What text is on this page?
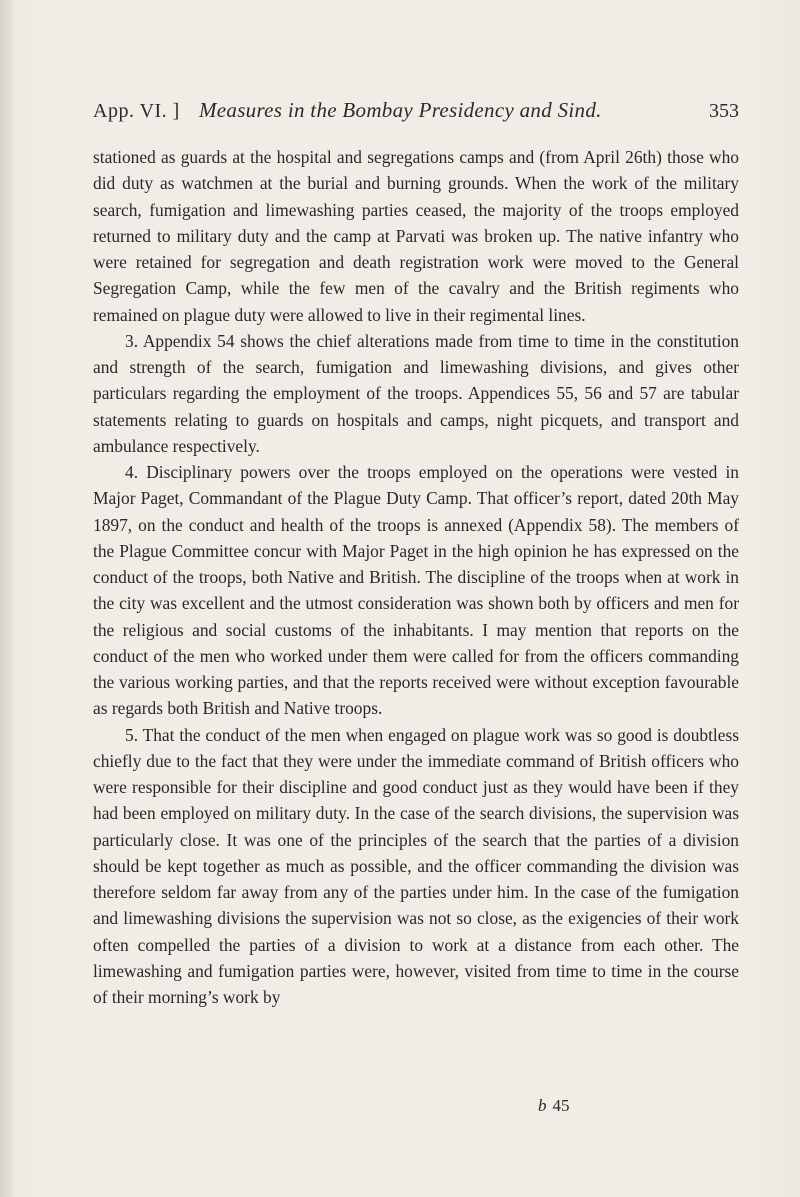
App. VI. ] Measures in the Bombay Presidency and Sind.	353

stationed as guards at the hospital and segregations camps and (from April 26th) those who did duty as watchmen at the burial and burning grounds. When the work of the military search, fumigation and limewashing parties ceased, the majority of the troops employed returned to military duty and the camp at Parvati was broken up. The native infantry who were retained for segregation and death registration work were moved to the General Segregation Camp, while the few men of the cavalry and the British regiments who remained on plague duty were allowed to live in their regimental lines.

3. Appendix 54 shows the chief alterations made from time to time in the constitution and strength of the search, fumigation and limewashing divisions, and gives other particulars regarding the employment of the troops. Appendices 55, 56 and 57 are tabular statements relating to guards on hospitals and camps, night picquets, and transport and ambulance respectively.

4. Disciplinary powers over the troops employed on the operations were vested in Major Paget, Commandant of the Plague Duty Camp. That officer’s report, dated 20th May 1897, on the conduct and health of the troops is annexed (Appendix 58). The members of the Plague Committee concur with Major Paget in the high opinion he has expressed on the conduct of the troops, both Native and British. The discipline of the troops when at work in the city was excellent and the utmost consideration was shown both by officers and men for the religious and social customs of the inhabitants. I may mention that reports on the conduct of the men who worked under them were called for from the officers commanding the various working parties, and that the reports received were without exception favourable as regards both British and Native troops.

5. That the conduct of the men when engaged on plague work was so good is doubtless chiefly due to the fact that they were under the immediate command of British officers who were responsible for their discipline and good conduct just as they would have been if they had been employed on military duty. In the case of the search divisions, the supervision was particularly close. It was one of the principles of the search that the parties of a division should be kept together as much as possible, and the officer commanding the division was therefore seldom far away from any of the parties under him. In the case of the fumigation and limewashing divisions the supervision was not so close, as the exigencies of their work often compelled the parties of a division to work at a distance from each other. The limewashing and fumigation parties were, however, visited from time to time in the course of their morning’s work by

b 45
